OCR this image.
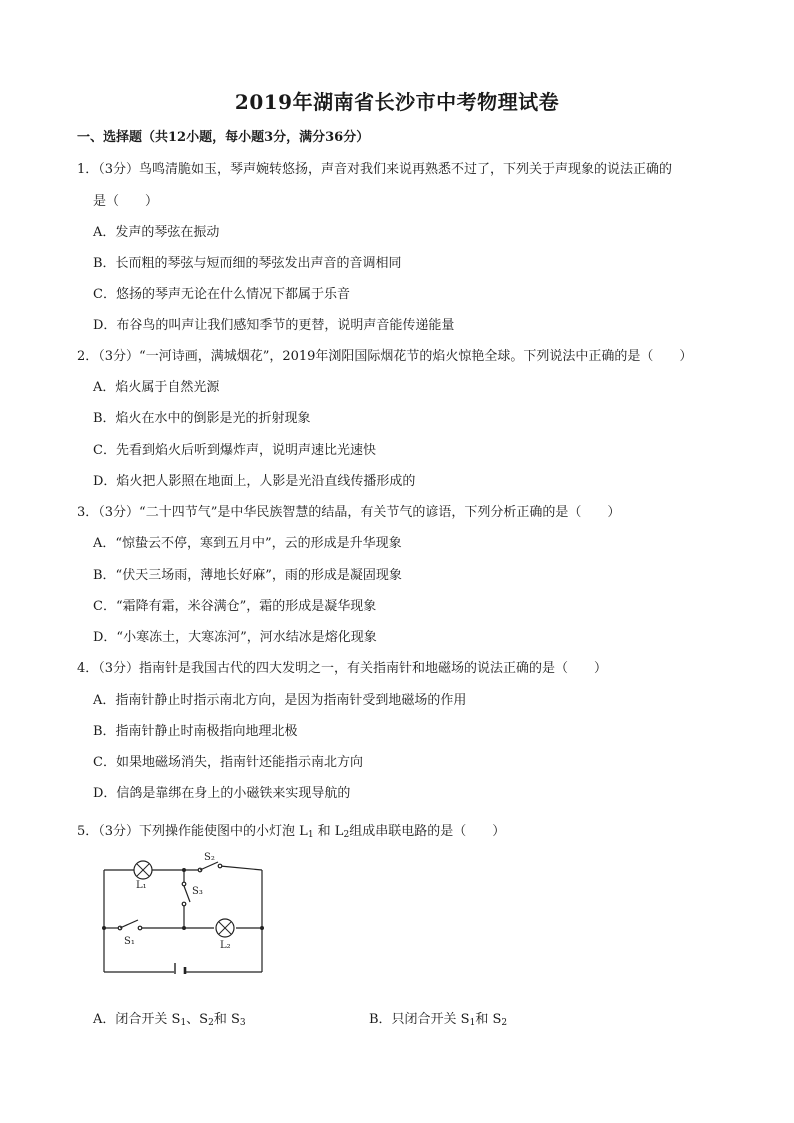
2019年湖南省长沙市中考物理试卷
一、选择题（共12小题，每小题3分，满分36分）
1．（3分）鸟鸣清脆如玉，琴声婉转悠扬，声音对我们来说再熟悉不过了，下列关于声现象的说法正确的
是（　　）
A．发声的琴弦在振动
B．长而粗的琴弦与短而细的琴弦发出声音的音调相同
C．悠扬的琴声无论在什么情况下都属于乐音
D．布谷鸟的叫声让我们感知季节的更替，说明声音能传递能量
2．（3分）“一河诗画，满城烟花”，2019年浏阳国际烟花节的焰火惊艳全球。下列说法中正确的是（　　）
A．焰火属于自然光源
B．焰火在水中的倒影是光的折射现象
C．先看到焰火后听到爆炸声，说明声速比光速快
D．焰火把人影照在地面上，人影是光沿直线传播形成的
3．（3分）“二十四节气”是中华民族智慧的结晶，有关节气的谚语，下列分析正确的是（　　）
A．“惊蛰云不停，寒到五月中”，云的形成是升华现象
B．“伏天三场雨，薄地长好麻”，雨的形成是凝固现象
C．“霜降有霜，米谷满仓”，霜的形成是凝华现象
D．“小寒冻土，大寒冻河”，河水结冰是熔化现象
4．（3分）指南针是我国古代的四大发明之一，有关指南针和地磁场的说法正确的是（　　）
A．指南针静止时指示南北方向，是因为指南针受到地磁场的作用
B．指南针静止时南极指向地理北极
C．如果地磁场消失，指南针还能指示南北方向
D．信鸽是靠绑在身上的小磁铁来实现导航的
5．（3分）下列操作能使图中的小灯泡 $L_1$ 和 $L_2$组成串联电路的是（　　）
L₁
L₂
S₁
S₂
S₃
A．闭合开关 $S_1$、$S_2$和 $S_3$	B．只闭合开关 $S_1$和 $S_2$
